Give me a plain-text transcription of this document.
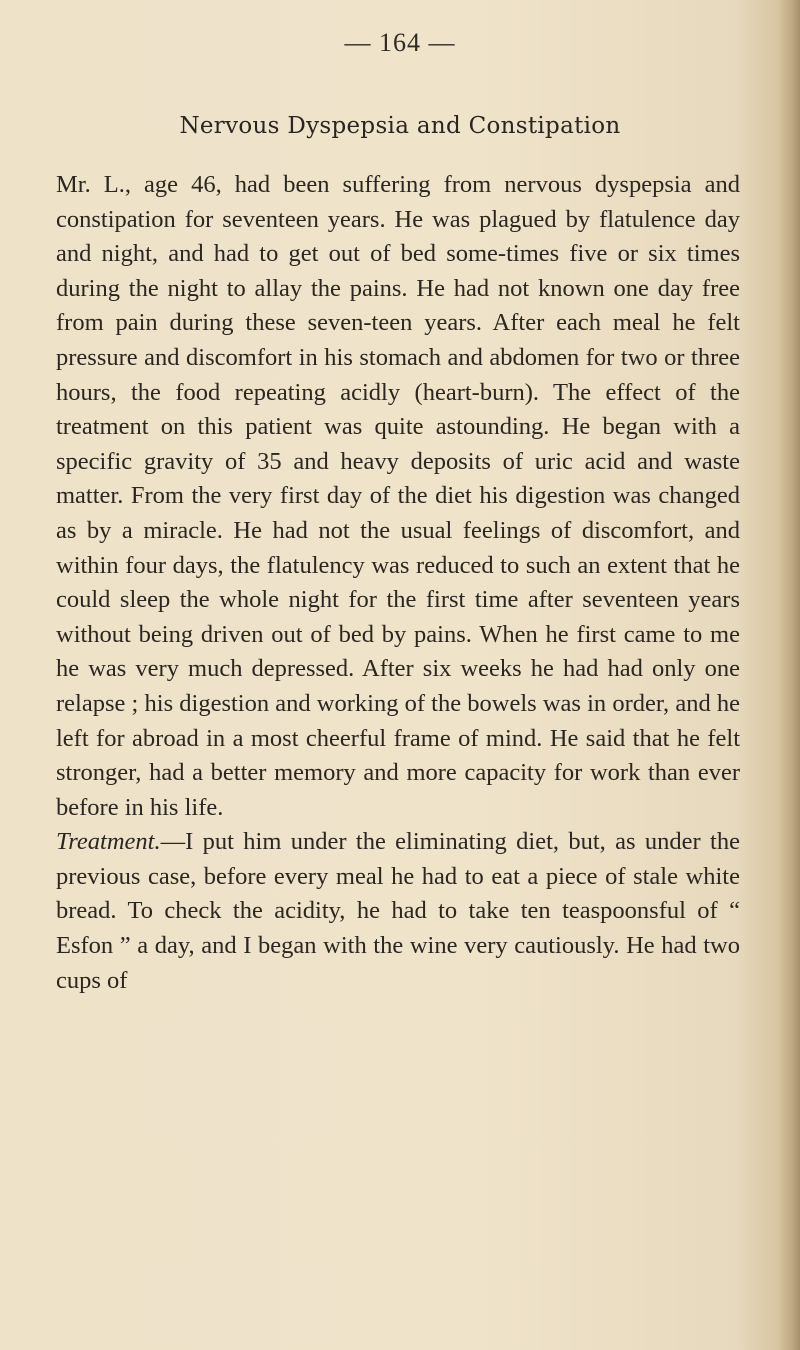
— 164 —
Nervous Dyspepsia and Constipation

Mr. L., age 46, had been suffering from nervous dyspepsia and constipation for seventeen years. He was plagued by flatulence day and night, and had to get out of bed some-times five or six times during the night to allay the pains. He had not known one day free from pain during these seven-teen years. After each meal he felt pressure and discomfort in his stomach and abdomen for two or three hours, the food repeating acidly (heart-burn). The effect of the treatment on this patient was quite astounding. He began with a specific gravity of 35 and heavy deposits of uric acid and waste matter. From the very first day of the diet his digestion was changed as by a miracle. He had not the usual feelings of discomfort, and within four days, the flatulency was reduced to such an extent that he could sleep the whole night for the first time after seventeen years without being driven out of bed by pains. When he first came to me he was very much depressed. After six weeks he had had only one relapse ; his digestion and working of the bowels was in order, and he left for abroad in a most cheerful frame of mind. He said that he felt stronger, had a better memory and more capacity for work than ever before in his life.

Treatment.—I put him under the eliminating diet, but, as under the previous case, before every meal he had to eat a piece of stale white bread. To check the acidity, he had to take ten teaspoonsful of “ Esfon ” a day, and I began with the wine very cautiously. He had two cups of
